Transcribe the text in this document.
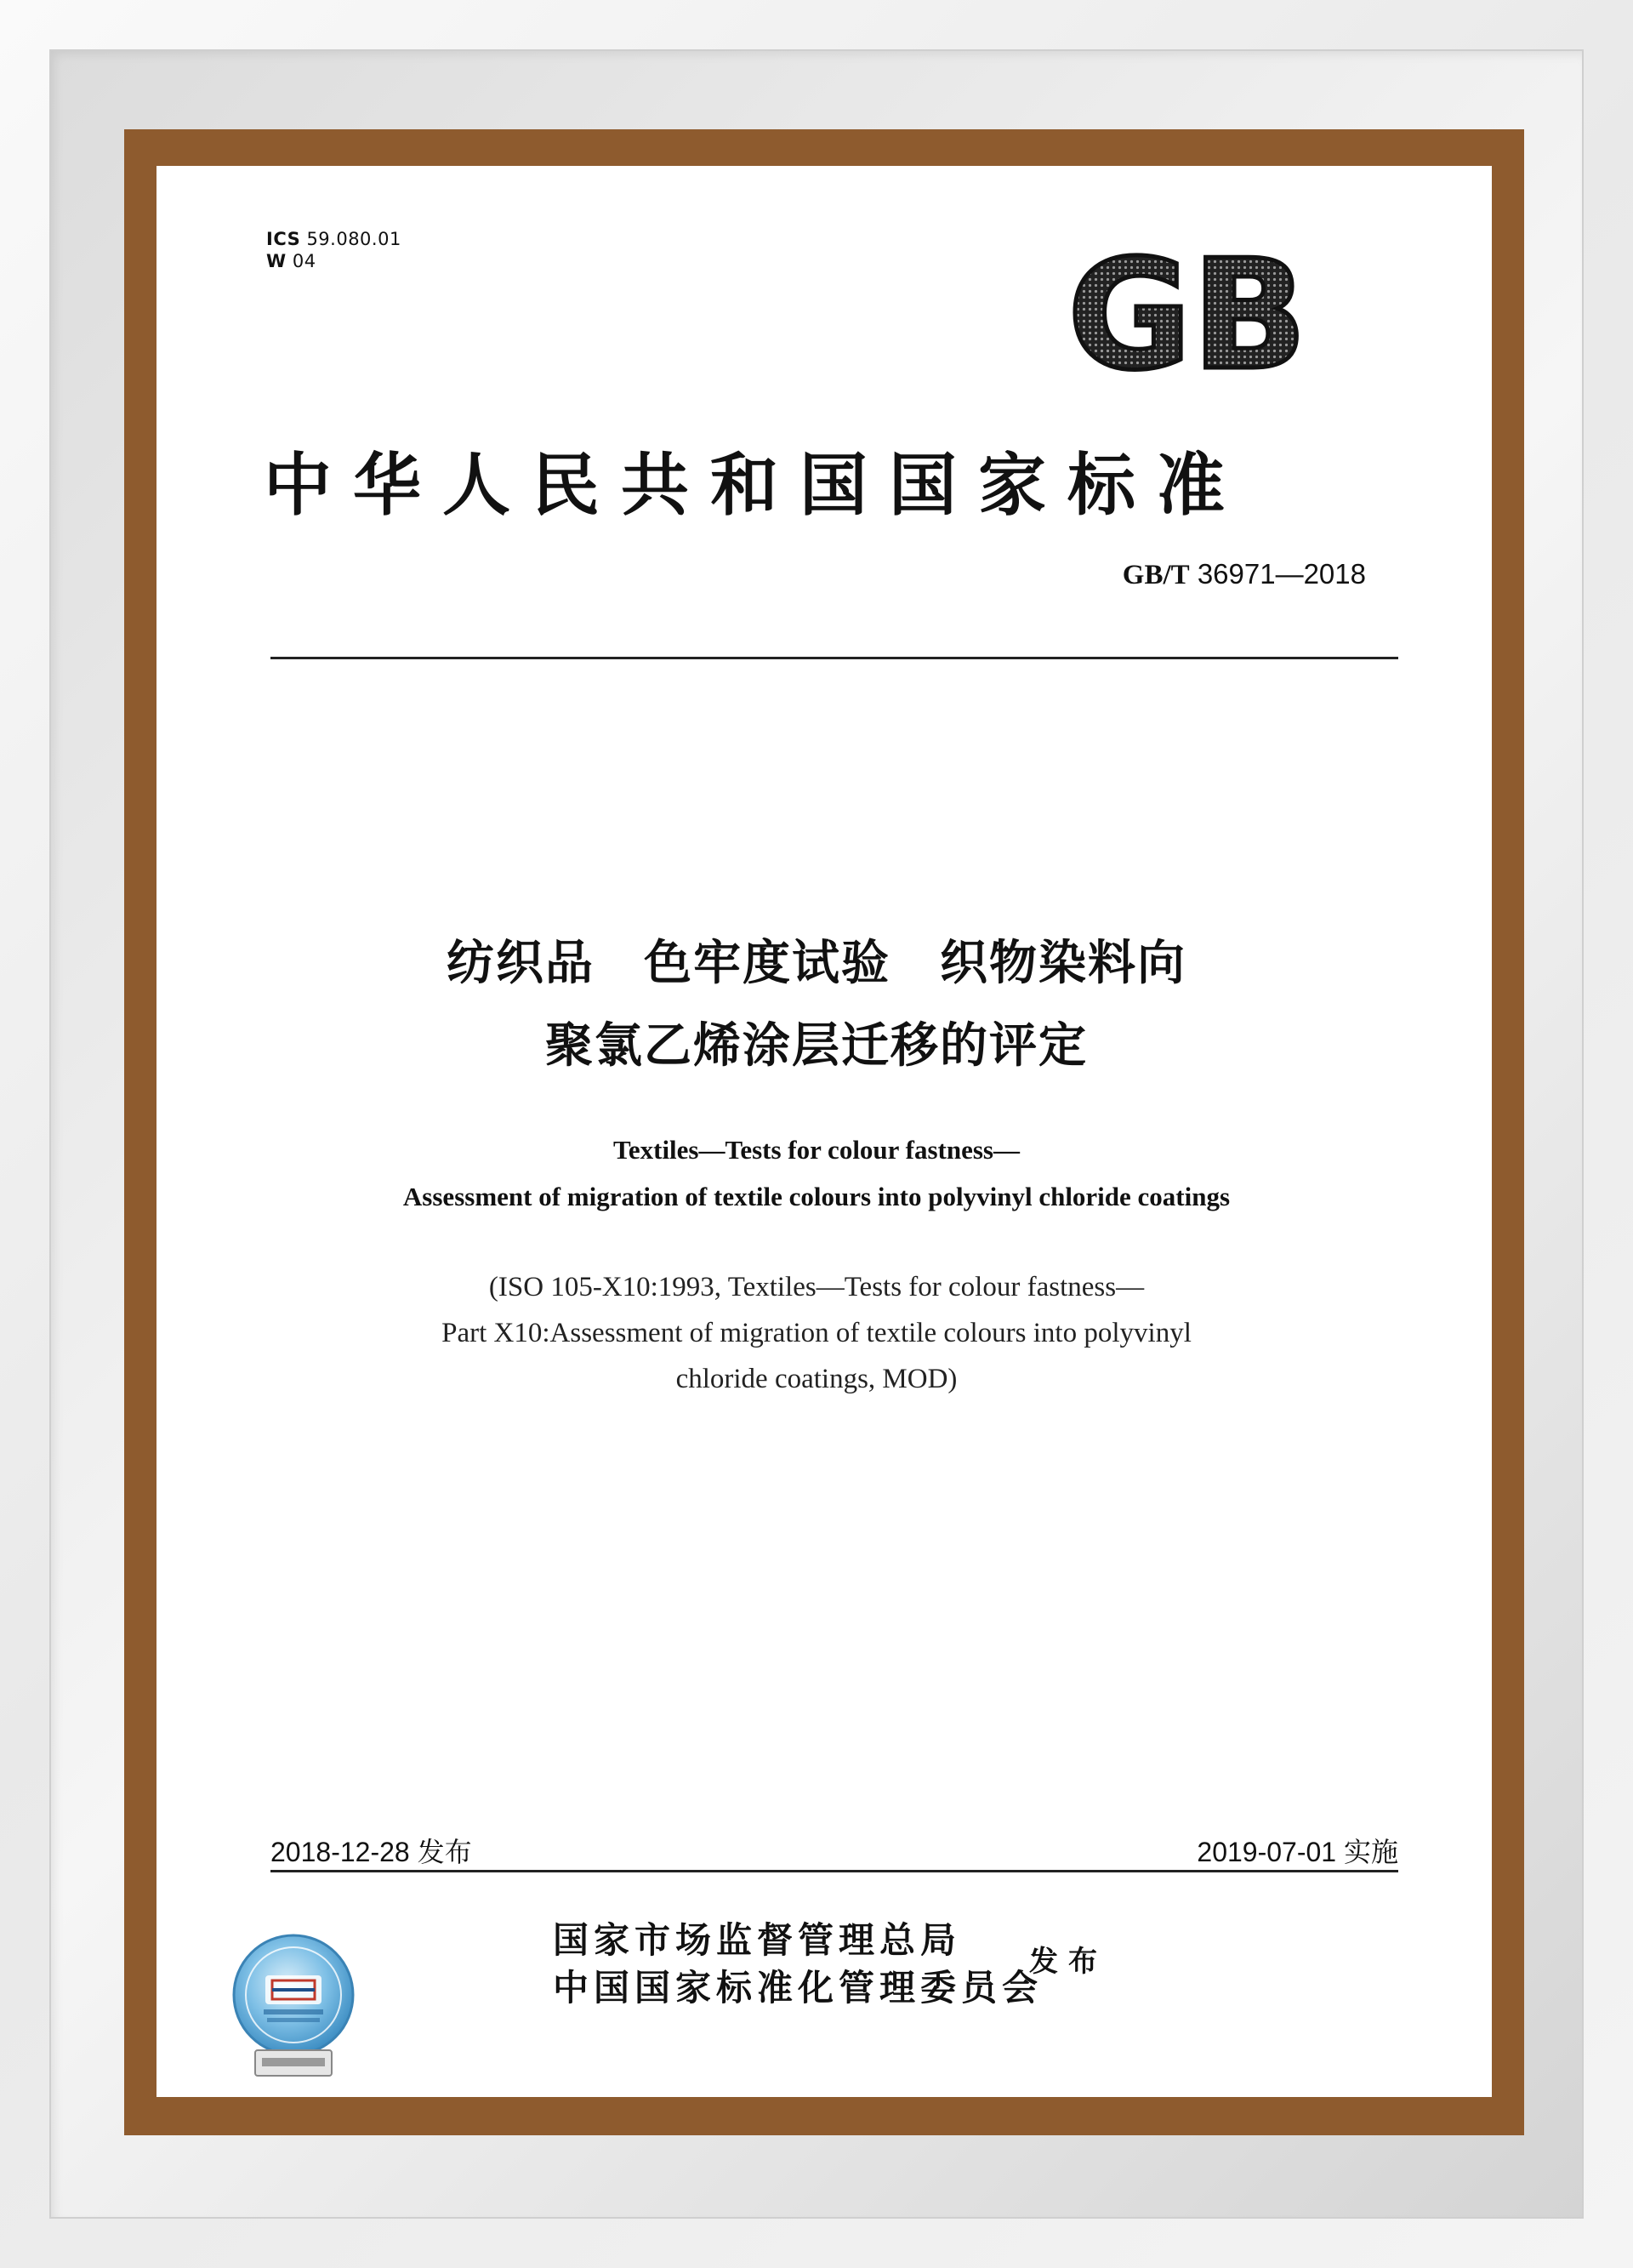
ICS 59.080.01
W 04	GB
中华人民共和国国家标准
GB/T 36971—2018
纺织品　色牢度试验　织物染料向
聚氯乙烯涂层迁移的评定
Textiles—Tests for colour fastness—
Assessment of migration of textile colours into polyvinyl chloride coatings
(ISO 105-X10:1993, Textiles—Tests for colour fastness—
Part X10:Assessment of migration of textile colours into polyvinyl
chloride coatings, MOD)
2018-12-28 发布	2019-07-01 实施
国家市场监督管理总局
中国国家标准化管理委员会
发布
